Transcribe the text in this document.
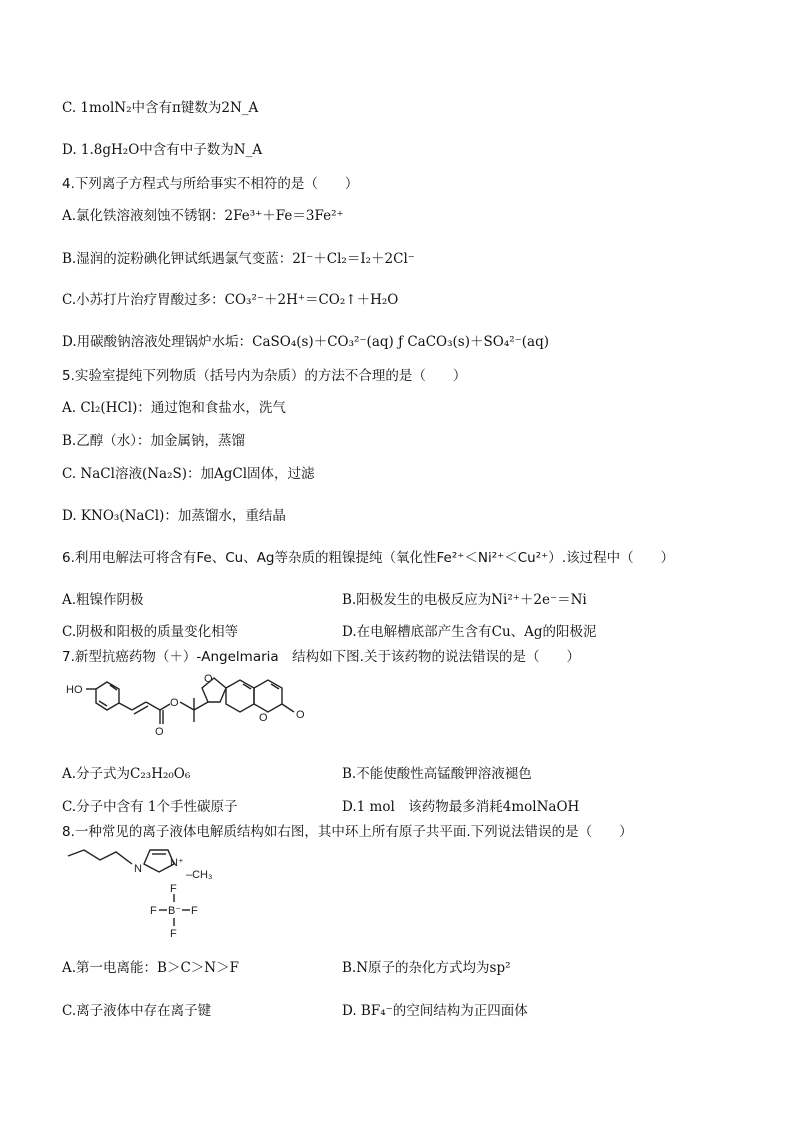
C. 1molN₂中含有π键数为2N_A
D. 1.8gH₂O中含有中子数为N_A
4.下列离子方程式与所给事实不相符的是（　　）
A.氯化铁溶液刻蚀不锈钢：2Fe³⁺＋Fe＝3Fe²⁺
B.湿润的淀粉碘化钾试纸遇氯气变蓝：2I⁻＋Cl₂＝I₂＋2Cl⁻
C.小苏打片治疗胃酸过多：CO₃²⁻＋2H⁺＝CO₂↑＋H₂O
D.用碳酸钠溶液处理锅炉水垢：CaSO₄(s)＋CO₃²⁻(aq) ƒ CaCO₃(s)＋SO₄²⁻(aq)
5.实验室提纯下列物质（括号内为杂质）的方法不合理的是（　　）
A. Cl₂(HCl)：通过饱和食盐水，洗气
B.乙醇（水）：加金属钠，蒸馏
C. NaCl溶液(Na₂S)：加AgCl固体，过滤
D. KNO₃(NaCl)：加蒸馏水，重结晶
6.利用电解法可将含有Fe、Cu、Ag等杂质的粗镍提纯（氧化性Fe²⁺＜Ni²⁺＜Cu²⁺）.该过程中（　　）
A.粗镍作阴极	B.阳极发生的电极反应为Ni²⁺＋2e⁻＝Ni
C.阴极和阳极的质量变化相等	D.在电解槽底部产生含有Cu、Ag的阳极泥
7.新型抗癌药物（＋）-Angelmaria　结构如下图.关于该药物的说法错误的是（　　）
HO
O
O
O
O	O
A.分子式为C₂₃H₂₀O₆	B.不能使酸性高锰酸钾溶液褪色
C.分子中含有 1个手性碳原子	D.1 mol　该药物最多消耗4molNaOH
8.一种常见的离子液体电解质结构如右图，其中环上所有原子共平面.下列说法错误的是（　　）
N	N⁺
–CH₃
F
F B⁻ F
F
A.第一电离能：B＞C＞N＞F	B.N原子的杂化方式均为sp²
C.离子液体中存在离子键	D. BF₄⁻的空间结构为正四面体
